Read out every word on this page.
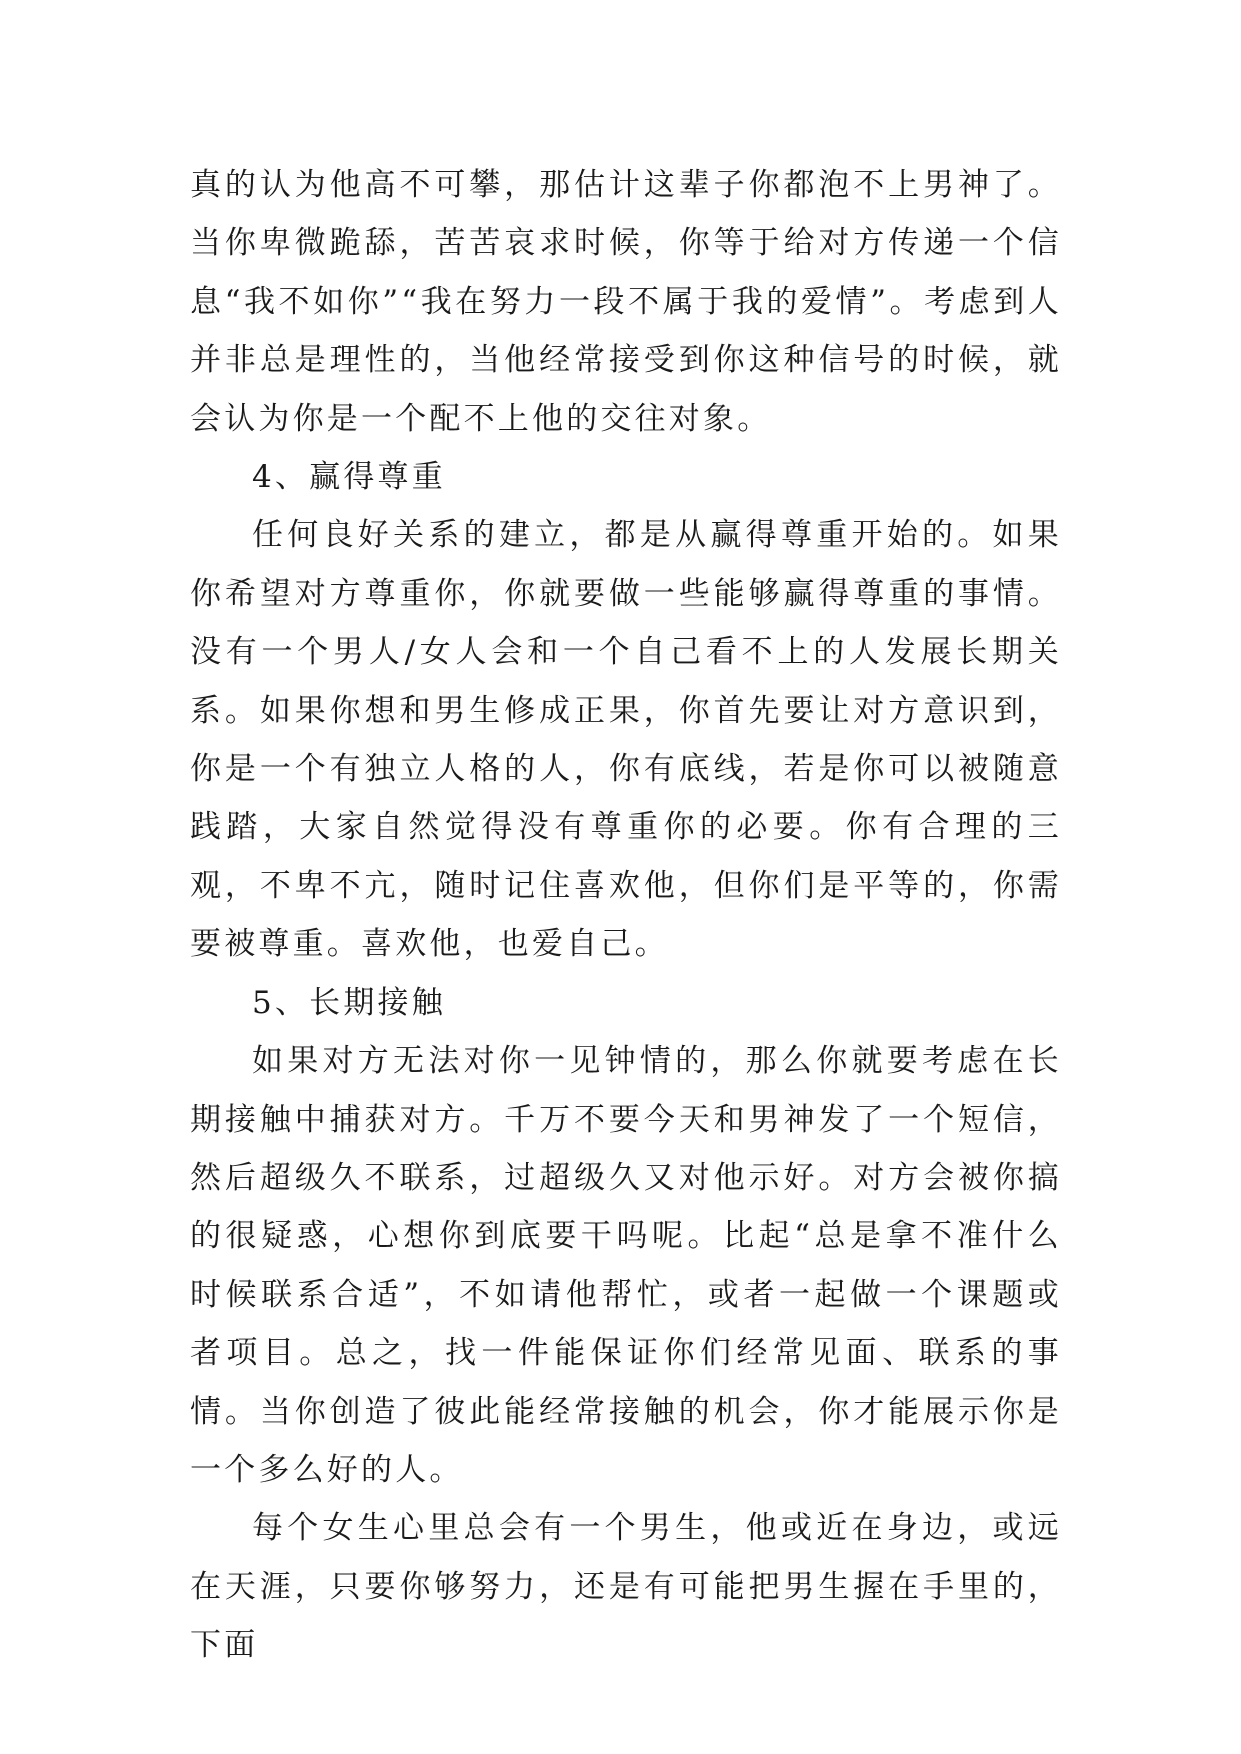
真的认为他高不可攀，那估计这辈子你都泡不上男神了。当你卑微跪舔，苦苦哀求时候，你等于给对方传递一个信息“我不如你”“我在努力一段不属于我的爱情”。考虑到人并非总是理性的，当他经常接受到你这种信号的时候，就会认为你是一个配不上他的交往对象。

4、赢得尊重

任何良好关系的建立，都是从赢得尊重开始的。如果你希望对方尊重你，你就要做一些能够赢得尊重的事情。没有一个男人/女人会和一个自己看不上的人发展长期关系。如果你想和男生修成正果，你首先要让对方意识到，你是一个有独立人格的人，你有底线，若是你可以被随意践踏，大家自然觉得没有尊重你的必要。你有合理的三观，不卑不亢，随时记住喜欢他，但你们是平等的，你需要被尊重。喜欢他，也爱自己。

5、长期接触

如果对方无法对你一见钟情的，那么你就要考虑在长期接触中捕获对方。千万不要今天和男神发了一个短信，然后超级久不联系，过超级久又对他示好。对方会被你搞的很疑惑，心想你到底要干吗呢。比起“总是拿不准什么时候联系合适”，不如请他帮忙，或者一起做一个课题或者项目。总之，找一件能保证你们经常见面、联系的事情。当你创造了彼此能经常接触的机会，你才能展示你是一个多么好的人。

每个女生心里总会有一个男生，他或近在身边，或远在天涯，只要你够努力，还是有可能把男生握在手里的，下面
